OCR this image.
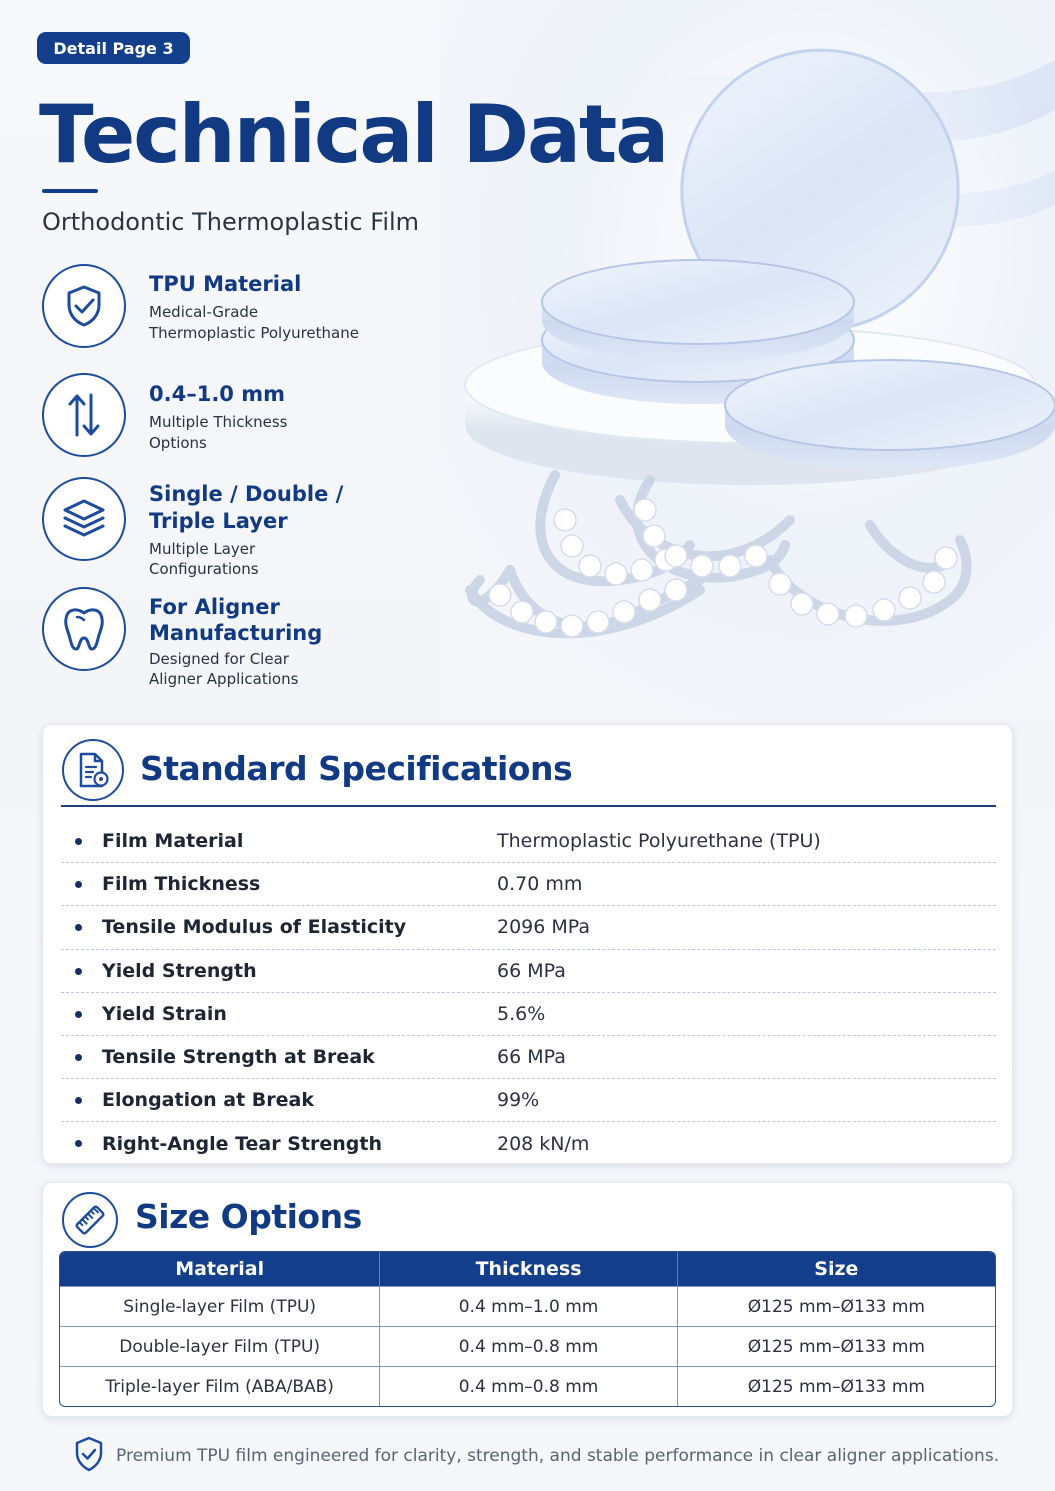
Detail Page 3
Technical Data
Orthodontic Thermoplastic Film
TPU Material
Medical-Grade
Thermoplastic Polyurethane
0.4–1.0 mm
Multiple Thickness
Options
Single / Double /
Triple Layer
Multiple Layer
Configurations
For Aligner
Manufacturing
Designed for Clear
Aligner Applications
Standard Specifications
Film Material	Thermoplastic Polyurethane (TPU)
Film Thickness	0.70 mm
Tensile Modulus of Elasticity	2096 MPa
Yield Strength	66 MPa
Yield Strain	5.6%
Tensile Strength at Break	66 MPa
Elongation at Break	99%
Right-Angle Tear Strength	208 kN/m
Size Options
Material	Thickness	Size
Single-layer Film (TPU)	0.4 mm–1.0 mm	Ø125 mm–Ø133 mm
Double-layer Film (TPU)	0.4 mm–0.8 mm	Ø125 mm–Ø133 mm
Triple-layer Film (ABA/BAB)	0.4 mm–0.8 mm	Ø125 mm–Ø133 mm
Premium TPU film engineered for clarity, strength, and stable performance in clear aligner applications.
